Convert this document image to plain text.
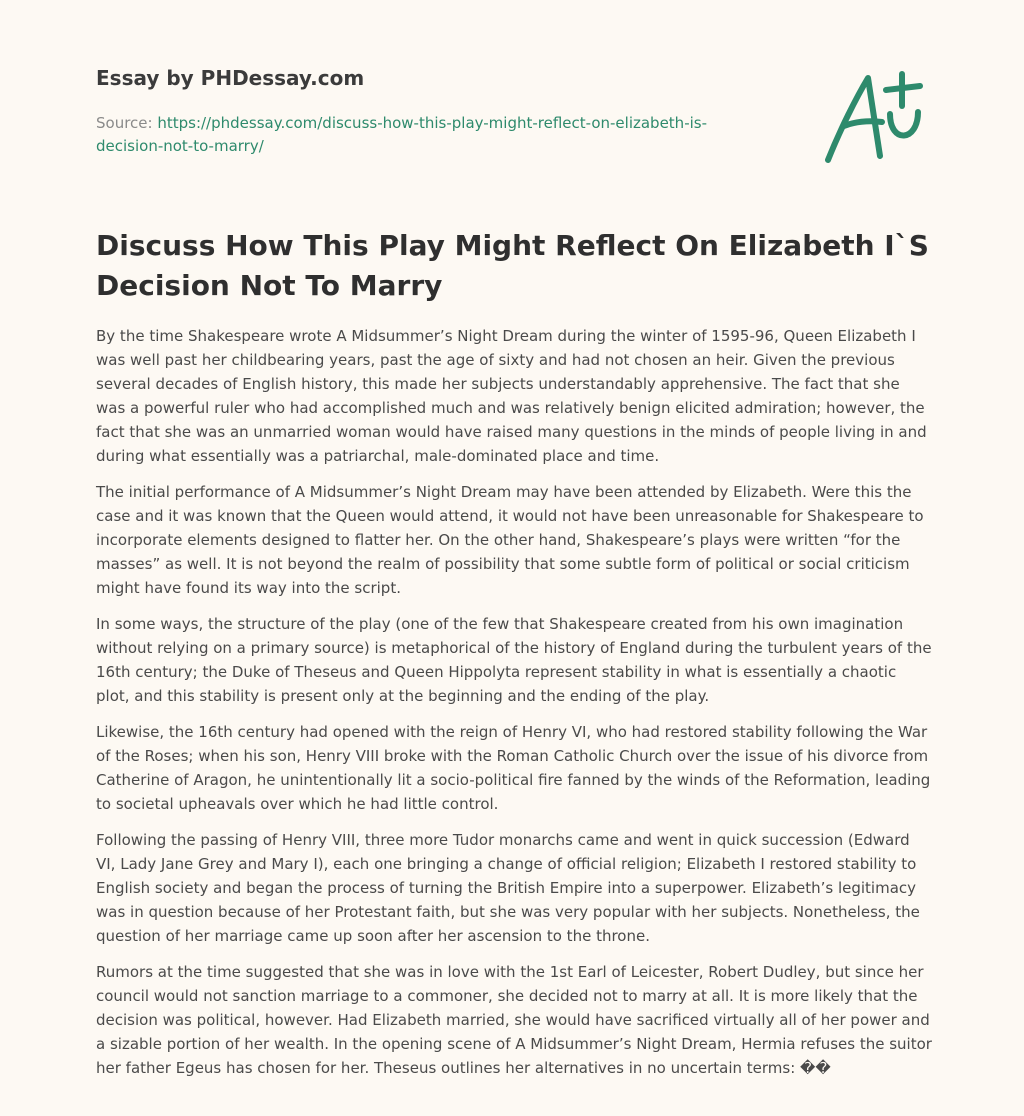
Essay by PHDessay.com
Source: https://phdessay.com/discuss-how-this-play-might-reflect-on-elizabeth-is-decision-not-to-marry/
Discuss How This Play Might Reflect On Elizabeth I`S Decision Not To Marry

By the time Shakespeare wrote A Midsummer’s Night Dream during the winter of 1595-96, Queen Elizabeth I was well past her childbearing years, past the age of sixty and had not chosen an heir. Given the previous several decades of English history, this made her subjects understandably apprehensive. The fact that she was a powerful ruler who had accomplished much and was relatively benign elicited admiration; however, the fact that she was an unmarried woman would have raised many questions in the minds of people living in and during what essentially was a patriarchal, male-dominated place and time.

The initial performance of A Midsummer’s Night Dream may have been attended by Elizabeth. Were this the case and it was known that the Queen would attend, it would not have been unreasonable for Shakespeare to incorporate elements designed to flatter her. On the other hand, Shakespeare’s plays were written “for the masses” as well. It is not beyond the realm of possibility that some subtle form of political or social criticism might have found its way into the script.

In some ways, the structure of the play (one of the few that Shakespeare created from his own imagination without relying on a primary source) is metaphorical of the history of England during the turbulent years of the 16th century; the Duke of Theseus and Queen Hippolyta represent stability in what is essentially a chaotic plot, and this stability is present only at the beginning and the ending of the play.

Likewise, the 16th century had opened with the reign of Henry VI, who had restored stability following the War of the Roses; when his son, Henry VIII broke with the Roman Catholic Church over the issue of his divorce from Catherine of Aragon, he unintentionally lit a socio-political fire fanned by the winds of the Reformation, leading to societal upheavals over which he had little control.

Following the passing of Henry VIII, three more Tudor monarchs came and went in quick succession (Edward VI, Lady Jane Grey and Mary I), each one bringing a change of official religion; Elizabeth I restored stability to English society and began the process of turning the British Empire into a superpower. Elizabeth’s legitimacy was in question because of her Protestant faith, but she was very popular with her subjects. Nonetheless, the question of her marriage came up soon after her ascension to the throne.

Rumors at the time suggested that she was in love with the 1st Earl of Leicester, Robert Dudley, but since her council would not sanction marriage to a commoner, she decided not to marry at all. It is more likely that the decision was political, however. Had Elizabeth married, she would have sacrificed virtually all of her power and a sizable portion of her wealth. In the opening scene of A Midsummer’s Night Dream, Hermia refuses the suitor her father Egeus has chosen for her. Theseus outlines her alternatives in no uncertain terms: ��
